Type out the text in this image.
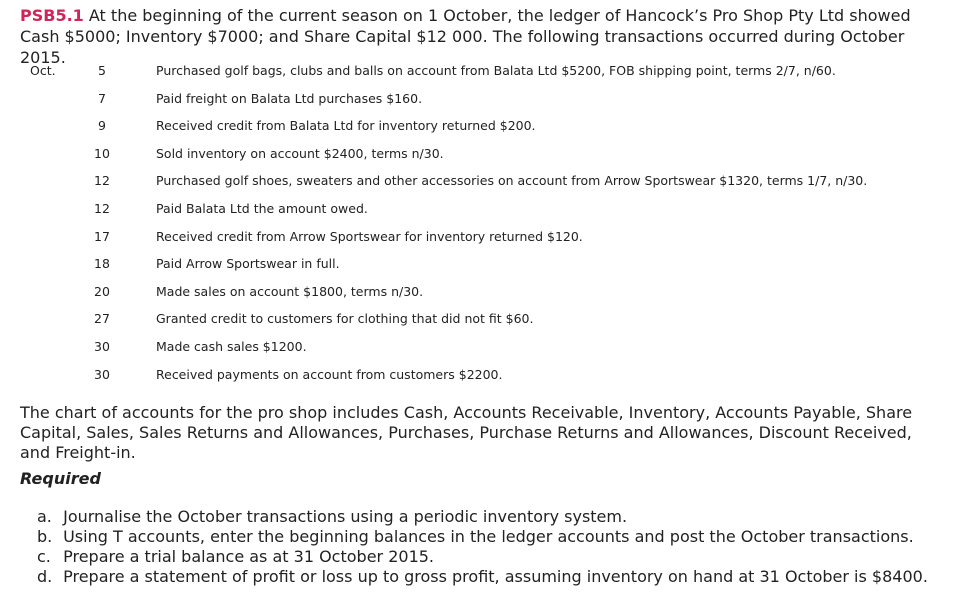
PSB5.1 At the beginning of the current season on 1 October, the ledger of Hancock’s Pro Shop Pty Ltd showed Cash $5000; Inventory $7000; and Share Capital $12 000. The following transactions occurred during October 2015.
Oct.	5	Purchased golf bags, clubs and balls on account from Balata Ltd $5200, FOB shipping point, terms 2/7, n/60.
7	Paid freight on Balata Ltd purchases $160.
9	Received credit from Balata Ltd for inventory returned $200.
10	Sold inventory on account $2400, terms n/30.
12	Purchased golf shoes, sweaters and other accessories on account from Arrow Sportswear $1320, terms 1/7, n/30.
12	Paid Balata Ltd the amount owed.
17	Received credit from Arrow Sportswear for inventory returned $120.
18	Paid Arrow Sportswear in full.
20	Made sales on account $1800, terms n/30.
27	Granted credit to customers for clothing that did not fit $60.
30	Made cash sales $1200.
30	Received payments on account from customers $2200.
The chart of accounts for the pro shop includes Cash, Accounts Receivable, Inventory, Accounts Payable, Share Capital, Sales, Sales Returns and Allowances, Purchases, Purchase Returns and Allowances, Discount Received, and Freight-in.
Required
a. Journalise the October transactions using a periodic inventory system.
b. Using T accounts, enter the beginning balances in the ledger accounts and post the October transactions.
c. Prepare a trial balance as at 31 October 2015.
d. Prepare a statement of profit or loss up to gross profit, assuming inventory on hand at 31 October is $8400.
